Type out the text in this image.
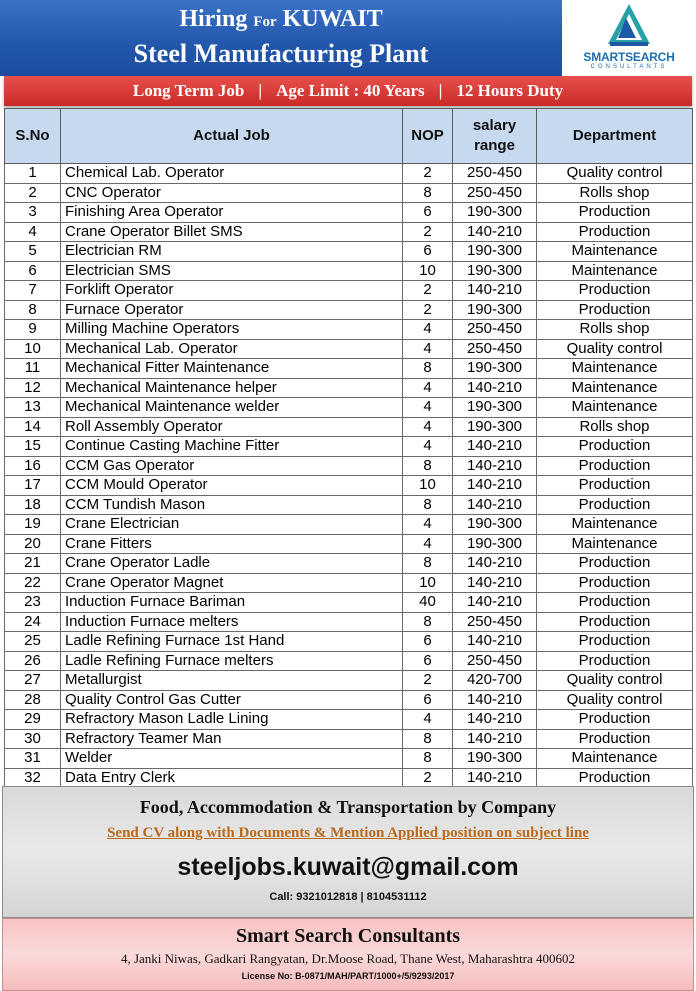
Hiring For KUWAIT
Steel Manufacturing Plant	SMARTSEARCH
CONSULTANTS
Long Term Job | Age Limit : 40 Years | 12 Hours Duty
S.No	Actual Job	NOP	salary range	Department
1	Chemical Lab. Operator	2	250-450	Quality control
2	CNC Operator	8	250-450	Rolls shop
3	Finishing Area Operator	6	190-300	Production
4	Crane Operator Billet SMS	2	140-210	Production
5	Electrician RM	6	190-300	Maintenance
6	Electrician SMS	10	190-300	Maintenance
7	Forklift Operator	2	140-210	Production
8	Furnace Operator	2	190-300	Production
9	Milling Machine Operators	4	250-450	Rolls shop
10	Mechanical Lab. Operator	4	250-450	Quality control
11	Mechanical Fitter Maintenance	8	190-300	Maintenance
12	Mechanical Maintenance helper	4	140-210	Maintenance
13	Mechanical Maintenance welder	4	190-300	Maintenance
14	Roll Assembly Operator	4	190-300	Rolls shop
15	Continue Casting Machine Fitter	4	140-210	Production
16	CCM Gas Operator	8	140-210	Production
17	CCM Mould Operator	10	140-210	Production
18	CCM Tundish Mason	8	140-210	Production
19	Crane Electrician	4	190-300	Maintenance
20	Crane Fitters	4	190-300	Maintenance
21	Crane Operator Ladle	8	140-210	Production
22	Crane Operator Magnet	10	140-210	Production
23	Induction Furnace Bariman	40	140-210	Production
24	Induction Furnace melters	8	250-450	Production
25	Ladle Refining Furnace 1st Hand	6	140-210	Production
26	Ladle Refining Furnace melters	6	250-450	Production
27	Metallurgist	2	420-700	Quality control
28	Quality Control Gas Cutter	6	140-210	Quality control
29	Refractory Mason Ladle Lining	4	140-210	Production
30	Refractory Teamer Man	8	140-210	Production
31	Welder	8	190-300	Maintenance
32	Data Entry Clerk	2	140-210	Production
Food, Accommodation & Transportation by Company
Send CV along with Documents & Mention Applied position on subject line
steeljobs.kuwait@gmail.com
Call: 9321012818 | 8104531112
Smart Search Consultants
4, Janki Niwas, Gadkari Rangyatan, Dr.Moose Road, Thane West, Maharashtra 400602
License No: B-0871/MAH/PART/1000+/5/9293/2017
